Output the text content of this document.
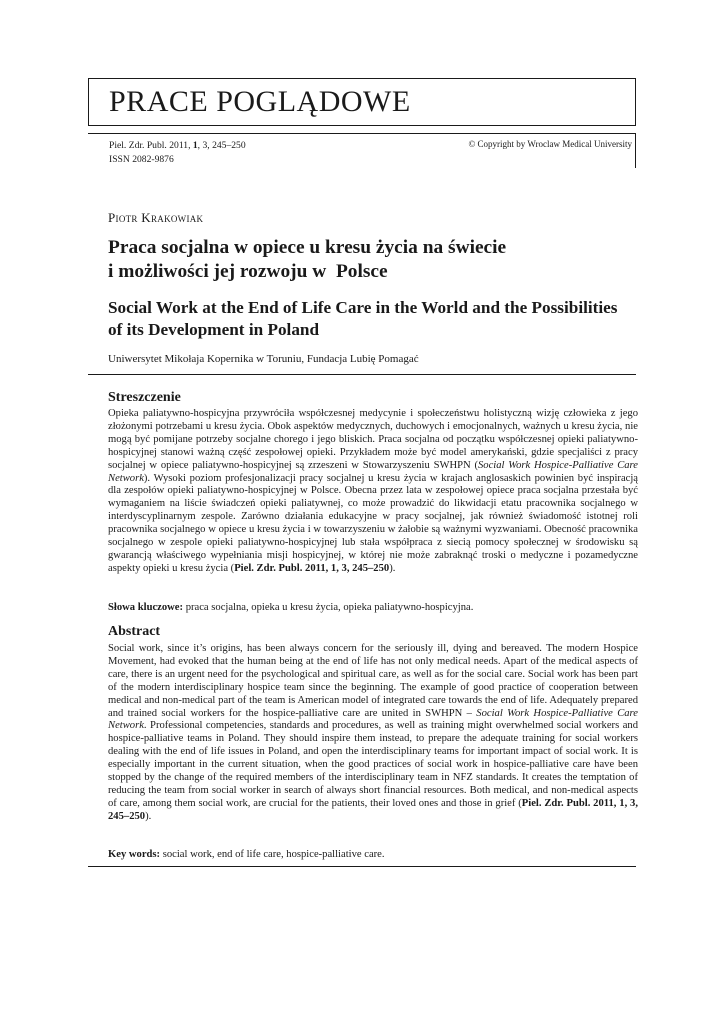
PRACE POGLĄDOWE
Piel. Zdr. Publ. 2011, 1, 3, 245–250
ISSN 2082-9876
© Copyright by Wroclaw Medical University
Piotr Krakowiak
Praca socjalna w opiece u kresu życia na świecie
i możliwości jej rozwoju w  Polsce
Social Work at the End of Life Care in the World and the Possibilities
of its Development in Poland
Uniwersytet Mikołaja Kopernika w Toruniu, Fundacja Lubię Pomagać
Streszczenie
Opieka paliatywno-hospicyjna przywróciła współczesnej medycynie i społeczeństwu holistyczną wizję człowieka z jego złożonymi potrzebami u kresu życia. Obok aspektów medycznych, duchowych i emocjonalnych, ważnych u kresu życia, nie mogą być pomijane potrzeby socjalne chorego i jego bliskich. Praca socjalna od początku współczesnej opieki paliatywno-hospicyjnej stanowi ważną część zespołowej opieki. Przykładem może być model amerykański, gdzie specjaliści z pracy socjalnej w opiece paliatywno-hospicyjnej są zrzeszeni w Stowarzyszeniu SWHPN (Social Work Hospice-Palliative Care Network). Wysoki poziom profesjonalizacji pracy socjalnej u kresu życia w krajach anglosaskich powinien być inspiracją dla zespołów opieki paliatywno-hospicyjnej w Polsce. Obecna przez lata w zespołowej opiece praca socjalna przestała być wymaganiem na liście świadczeń opieki paliatywnej, co może prowadzić do likwidacji etatu pracownika socjalnego w interdyscyplinarnym zespole. Zarówno działania edukacyjne w pracy socjalnej, jak również świadomość istotnej roli pracownika socjalnego w opiece u kresu życia i w towarzyszeniu w żałobie są ważnymi wyzwaniami. Obecność pracownika socjalnego w zespole opieki paliatywno-hospicyjnej lub stała współpraca z siecią pomocy społecznej w środowisku są gwarancją właściwego wypełniania misji hospicyjnej, w której nie może zabraknąć troski o medyczne i pozamedyczne aspekty opieki u kresu życia (Piel. Zdr. Publ. 2011, 1, 3, 245–250).
Słowa kluczowe: praca socjalna, opieka u kresu życia, opieka paliatywno-hospicyjna.
Abstract
Social work, since it’s origins, has been always concern for the seriously ill, dying and bereaved. The modern Hospice Movement, had evoked that the human being at the end of life has not only medical needs. Apart of the medical aspects of care, there is an urgent need for the psychological and spiritual care, as well as for the social care. Social work has been part of the modern interdisciplinary hospice team since the beginning. The example of good practice of cooperation between medical and non-medical part of the team is American model of integrated care towards the end of life. Adequately prepared and trained social workers for the hospice-palliative care are united in SWHPN – Social Work Hospice-Palliative Care Network. Professional competencies, standards and procedures, as well as training might overwhelmed social workers and hospice-palliative teams in Poland. They should inspire them instead, to prepare the adequate training for social workers dealing with the end of life issues in Poland, and open the interdisciplinary teams for important impact of social work. It is especially important in the current situation, when the good practices of social work in hospice-palliative care have been stopped by the change of the required members of the interdisciplinary team in NFZ standards. It creates the temptation of reducing the team from social worker in search of always short financial resources. Both medical, and non-medical aspects of care, among them social work, are crucial for the patients, their loved ones and those in grief (Piel. Zdr. Publ. 2011, 1, 3, 245–250).
Key words: social work, end of life care, hospice-palliative care.
